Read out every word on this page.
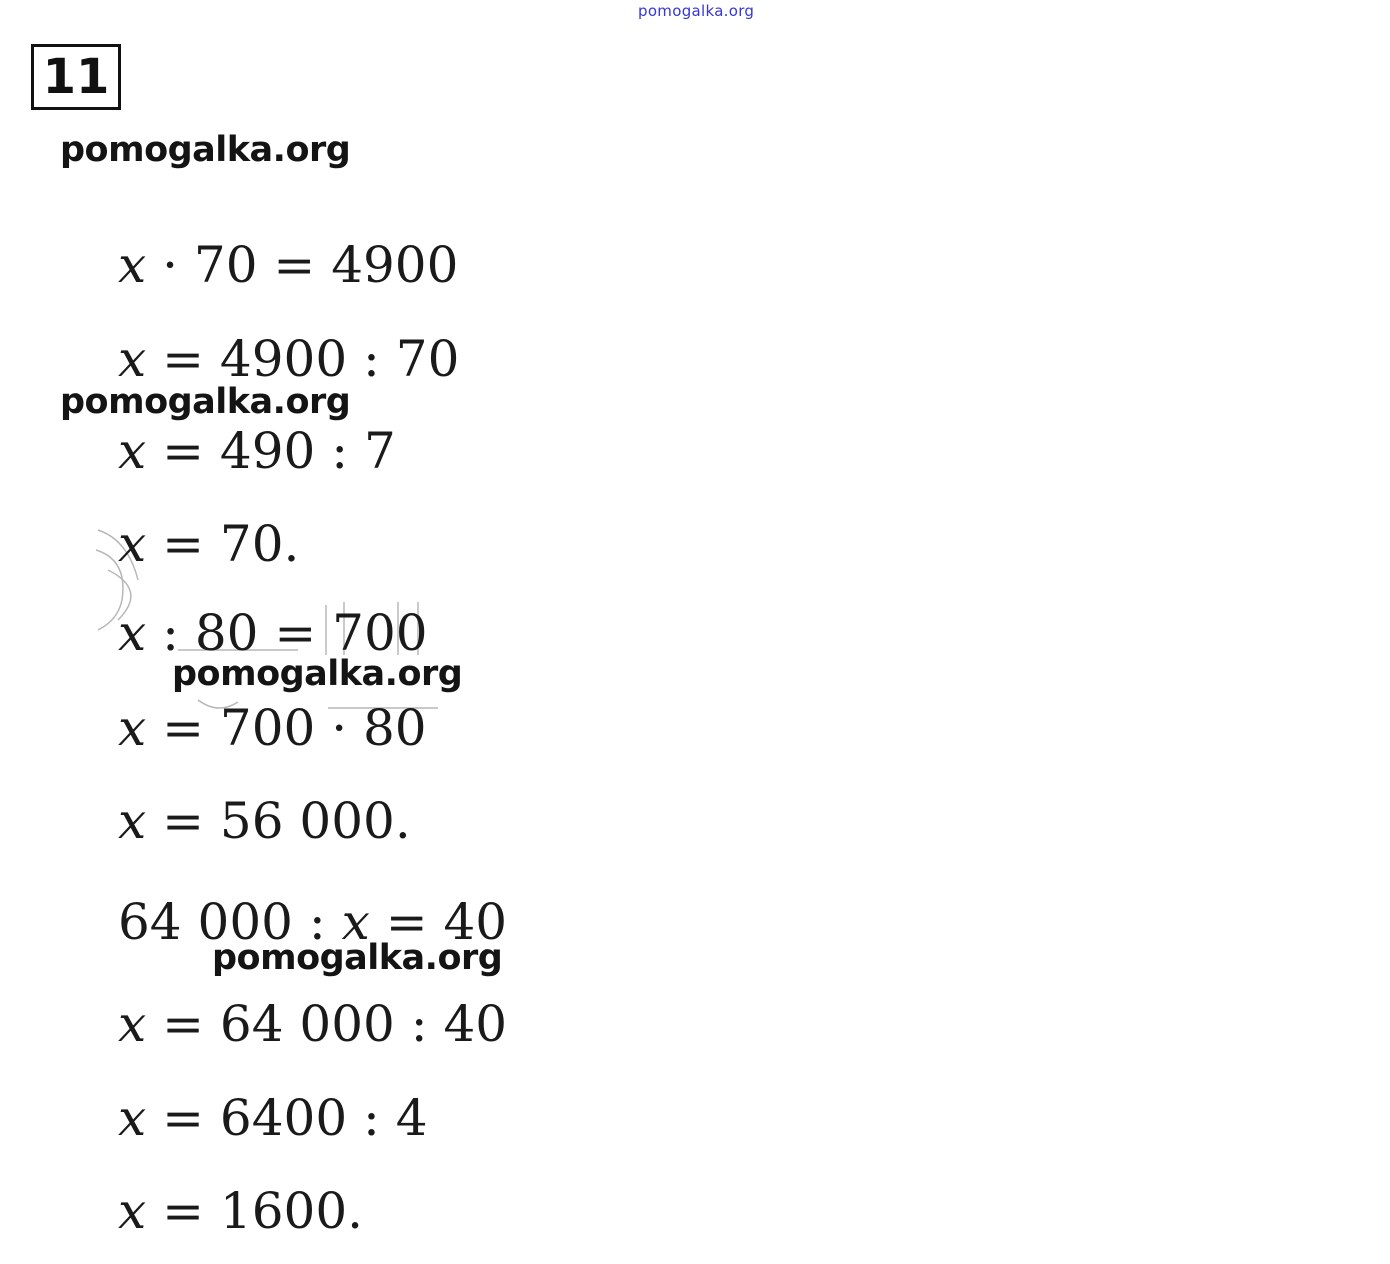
pomogalka.org
11
pomogalka.org
pomogalka.org
pomogalka.org
pomogalka.org
x · 70 = 4900
x = 4900 : 70
x = 490 : 7
x = 70.
x : 80 = 700
x = 700 · 80
x = 56 000.
64 000 : x = 40
x = 64 000 : 40
x = 6400 : 4
x = 1600.
